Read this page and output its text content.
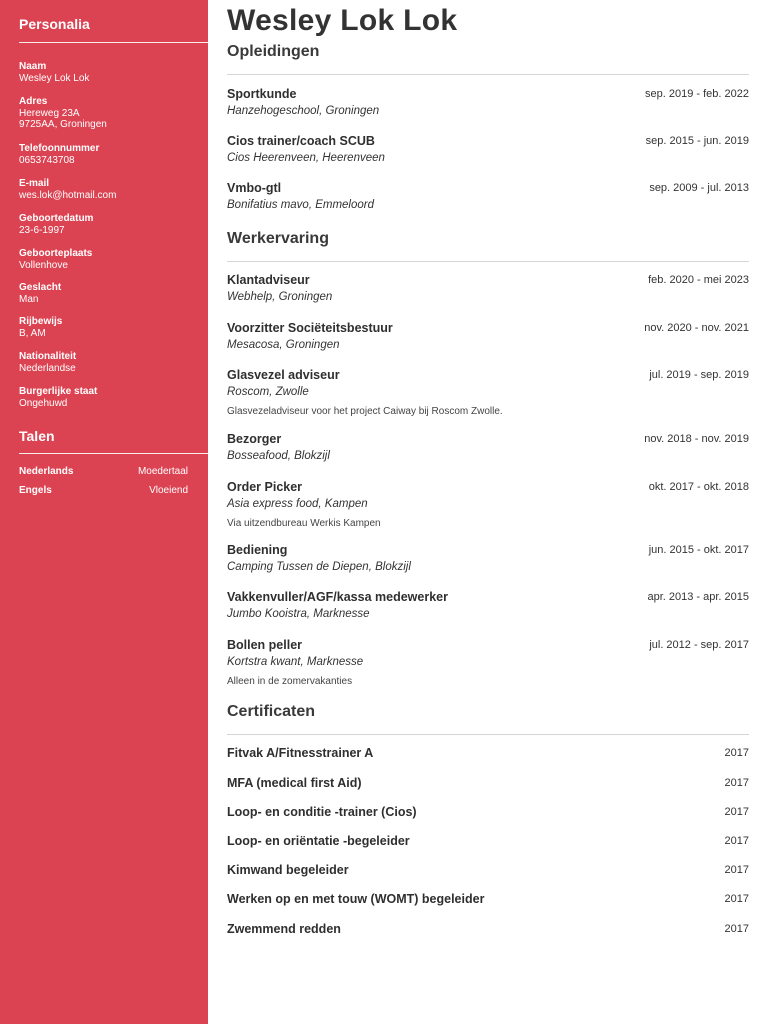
Personalia
Naam
Wesley Lok Lok
Adres
Hereweg 23A
9725AA, Groningen
Telefoonnummer
0653743708
E-mail
wes.lok@hotmail.com
Geboortedatum
23-6-1997
Geboorteplaats
Vollenhove
Geslacht
Man
Rijbewijs
B, AM
Nationaliteit
Nederlandse
Burgerlijke staat
Ongehuwd
Talen
Nederlands	Moedertaal
Engels	Vloeiend
Wesley Lok Lok
Opleidingen
Sportkunde	sep. 2019 - feb. 2022
Hanzehogeschool, Groningen
Cios trainer/coach SCUB	sep. 2015 - jun. 2019
Cios Heerenveen, Heerenveen
Vmbo-gtl	sep. 2009 - jul. 2013
Bonifatius mavo, Emmeloord
Werkervaring
Klantadviseur	feb. 2020 - mei 2023
Webhelp, Groningen
Voorzitter Sociëteitsbestuur	nov. 2020 - nov. 2021
Mesacosa, Groningen
Glasvezel adviseur	jul. 2019 - sep. 2019
Roscom, Zwolle
Glasvezeladviseur voor het project Caiway bij Roscom Zwolle.
Bezorger	nov. 2018 - nov. 2019
Bosseafood, Blokzijl
Order Picker	okt. 2017 - okt. 2018
Asia express food, Kampen
Via uitzendbureau Werkis Kampen
Bediening	jun. 2015 - okt. 2017
Camping Tussen de Diepen, Blokzijl
Vakkenvuller/AGF/kassa medewerker	apr. 2013 - apr. 2015
Jumbo Kooistra, Marknesse
Bollen peller	jul. 2012 - sep. 2017
Kortstra kwant, Marknesse
Alleen in de zomervakanties
Certificaten
Fitvak A/Fitnesstrainer A	2017
MFA (medical first Aid)	2017
Loop- en conditie -trainer (Cios)	2017
Loop- en oriëntatie -begeleider	2017
Kimwand begeleider	2017
Werken op en met touw (WOMT) begeleider	2017
Zwemmend redden	2017
